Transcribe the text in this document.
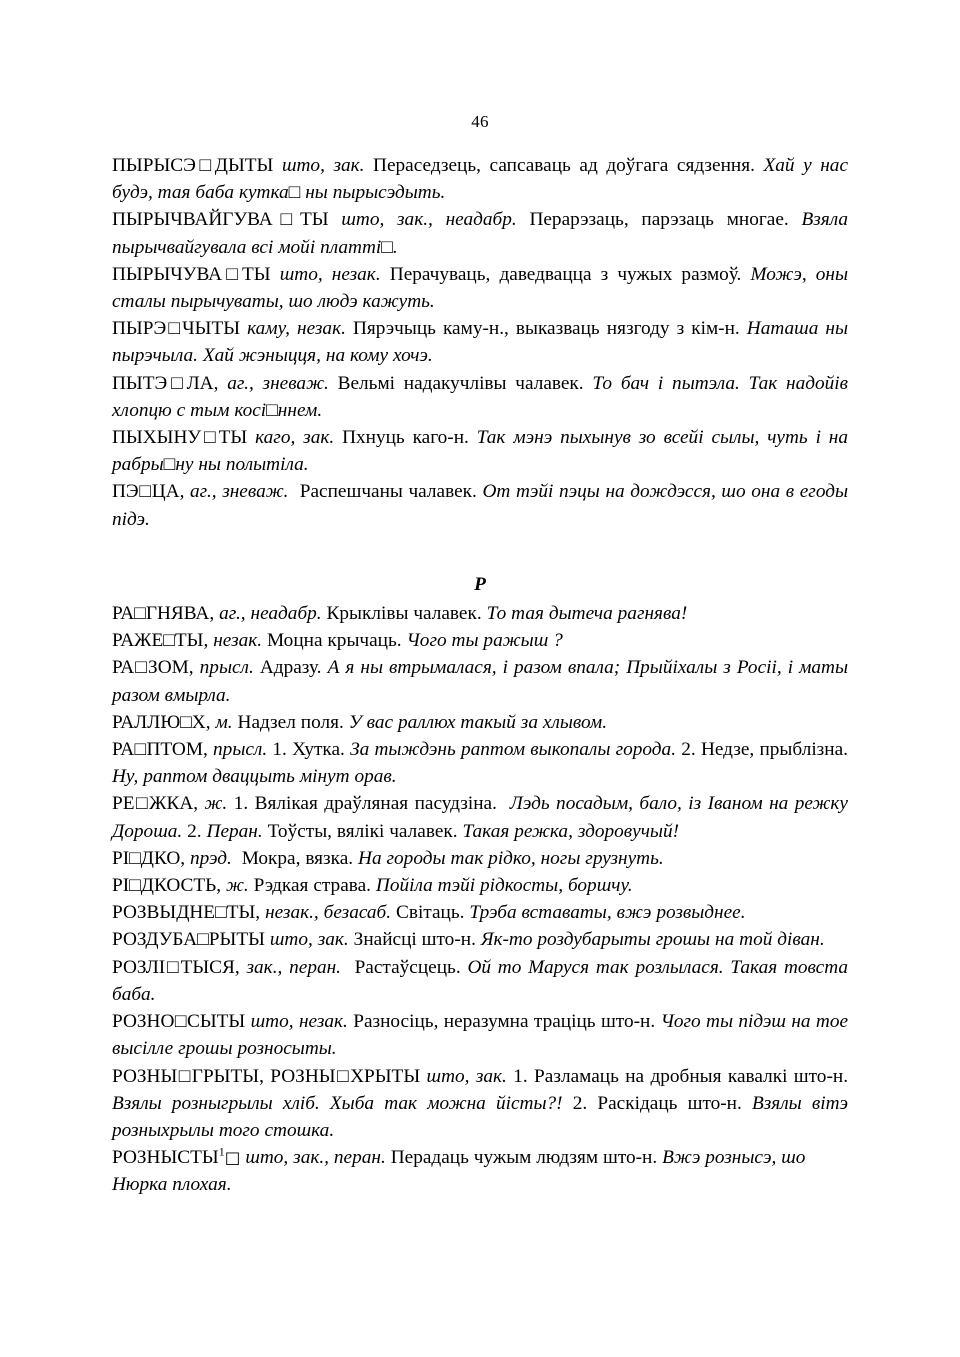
46

ПЫРЫСЭ□ДЫТЫ што, зак. Пераседзець, сапсаваць ад доўгага сядзення. Хай у нас будэ, тая баба кутка□ ны пырысэдыть.

ПЫРЫЧВАЙГУВА□ТЫ што, зак., неадабр. Перарэзаць, парэзаць многае. Взяла пырычвайгувала всі мойі платті□.

ПЫРЫЧУВА□ТЫ што, незак. Перачуваць, даведвацца з чужых размоў. Можэ, оны сталы пырычуваты, шо людэ кажуть.

ПЫРЭ□ЧЫТЫ каму, незак. Пярэчыць каму-н., выказваць нязгоду з кім-н. Наташа ны пырэчыла. Хай жэныцця, на кому хочэ.

ПЫТЭ□ЛА, аг., зневаж. Вельмі надакучлівы чалавек. То бач і пытэла. Так надойів хлопцю с тым косі□ннем.

ПЫХЫНУ□ТЫ каго, зак. Пхнуць каго-н. Так мэнэ пыхынув зо всейі сылы, чуть і на рабры□ну ны полытіла.

ПЭ□ЦА, аг., зневаж. Распешчаны чалавек. От тэйі пэцы на дождэсся, шо она в егоды підэ.

Р

РА□ГНЯВА, аг., неадабр. Крыклівы чалавек. То тая дытеча рагнява!

РАЖЕ□ТЫ, незак. Моцна крычаць. Чого ты ражыш ?

РА□ЗОМ, прысл. Адразу. А я ны втрымалася, і разом впала; Прыйіхалы з Росіі, і маты разом вмырла.

РАЛЛЮ□Х, м. Надзел поля. У вас раллюх такый за хлывом.

РА□ПТОМ, прысл. 1. Хутка. За тыждэнь раптом выкопалы города. 2. Недзе, прыблізна. Ну, раптом дваццыть мінут орав.

РЕ□ЖКА, ж. 1. Вялікая драўляная пасудзіна. Лэдь посадым, бало, із Іваном на режку Дороша. 2. Перан. Тоўсты, вялікі чалавек. Такая режка, здоровучый!

РІ□ДКО, прэд. Мокра, вязка. На городы так рідко, ногы грузнуть.

РІ□ДКОСТЬ, ж. Рэдкая страва. Пойіла тэйі рідкосты, боршчу.

РОЗВЫДНЕ□ТЫ, незак., безасаб. Світаць. Трэба вставаты, вжэ розвыднее.

РОЗДУБА□РЫТЫ што, зак. Знайсці што-н. Як-то роздубарыты грошы на той діван.

РОЗЛІ□ТЫСЯ, зак., перан. Растаўсцець. Ой то Маруся так розлылася. Такая товста баба.

РОЗНО□СЫТЫ што, незак. Разносіць, неразумна траціць што-н. Чого ты підэш на тое высілле грошы розносыты.

РОЗНЫ□ГРЫТЫ, РОЗНЫ□ХРЫТЫ што, зак. 1. Разламаць на дробныя кавалкі што-н. Взялы розныгрылы хліб. Хыба так можна йісты?! 2. Раскідаць што-н. Взялы вітэ розныхрылы того стошка.

РОЗНЫСТЫ$^1$□ што, зак., перан. Перадаць чужым людзям што-н. Вжэ розныcэ, шо Нюрка плохая.
